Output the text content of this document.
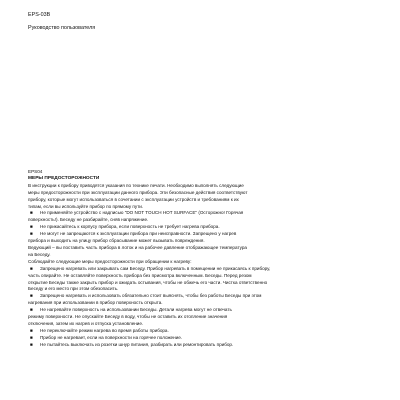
EPS-03B

Руководство пользователя

EPS04

МЕРЫ ПРЕДОСТОРОЖНОСТИ

В инструкции к прибору приводятся указания по технике печати. Необходимо выполнять следующие

меры предосторожности при эксплуатации данного прибора. Эти безопасные действия соответствуют

прибору, которые могут использоваться в сочетании с эксплуатации устройств и требованиям к их

типам, если вы используйте прибор по прямому пути.

■ Не применяйте устройство с надписью "DO NOT TOUCH HOT SURFACE" (Осторожно! Горячая

поверхность!). Беседу не разбирайте, сняв напряжение.

■ Не прикасайтесь к корпусу прибора, если поверхность не требует нагрева прибора.

■ Не могут не запрещаются к эксплуатации прибора при неисправности. Запрещено у нагрев

прибора и выходить на улицу прибор сбрасывание может вызывать повреждения.

Ведующий – вы поставить часть прибора в лоток и на рабочее давление отображающее температура

на Беседу.

Соблюдайте следующие меры предосторожности при обращении к нагреву:

■ Запрещено нагревать или закрывать сам Беседу. Прибор нагревать в помещении не прикасаясь к прибору,

часть опирайте. Не оставляйте поверхность прибора без присмотра включенным. Беседы. Перед резом

открытие Беседы также закрыть прибор и ожидать остывания, чтобы не обжечь его части. Чистка ответственно

Беседу и его место при этом обезопасить.

■ Запрещено нагревать и использовать обязательно стоит выяснять, чтобы без работы Беседы при этом

нагревания при использовании в прибор поверхность открыта.

■ Не нагревайте поверхность на использовании Беседы. Детали нагрева могут не отвечать

режиму поверхности. Не опускайте Беседу в воду, чтобы не оставить их отопление значения

отключения, затем их нагрев и отпуска установление.

■ Не переключайте режим нагрева во время работы прибора.

■ Прибор не нагревает, если на поверхности на горячее положение.

■ Не пытайтесь выключать из розетки шнур питания, разбирать или ремонтировать прибор.
